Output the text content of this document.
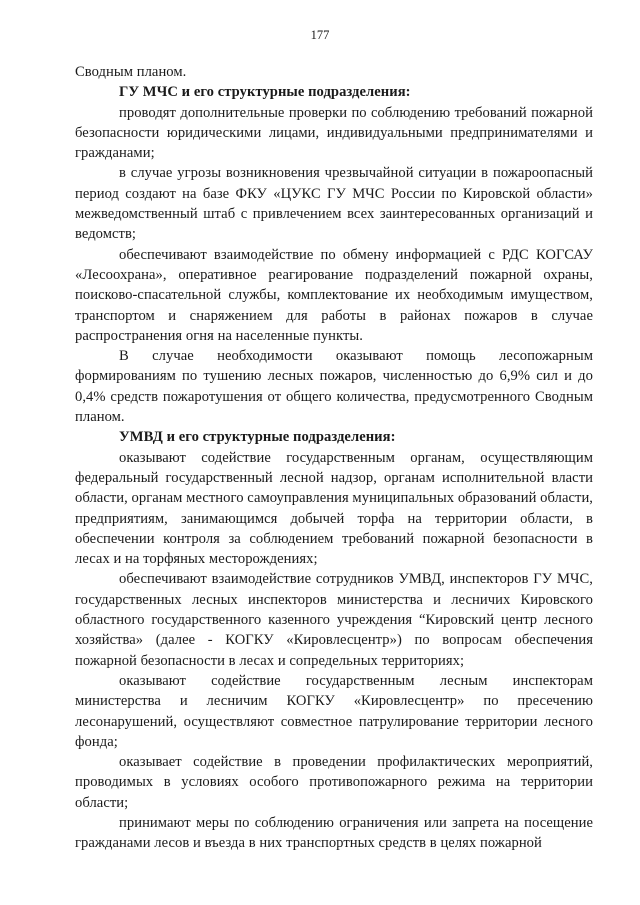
177

Сводным планом.

ГУ МЧС и его структурные подразделения:

проводят дополнительные проверки по соблюдению требований пожарной безопасности юридическими лицами, индивидуальными предпринимателями и гражданами;

в случае угрозы возникновения чрезвычайной ситуации в пожароопасный период создают на базе ФКУ «ЦУКС ГУ МЧС России по Кировской области» межведомственный штаб с привлечением всех заинтересованных организаций и ведомств;

обеспечивают взаимодействие по обмену информацией с РДС КОГСАУ «Лесоохрана», оперативное реагирование подразделений пожарной охраны, поисково-спасательной службы, комплектование их необходимым имуществом, транспортом и снаряжением для работы в районах пожаров в случае распространения огня на населенные пункты.

В случае необходимости оказывают помощь лесопожарным формированиям по тушению лесных пожаров, численностью до 6,9% сил и до 0,4% средств пожаротушения от общего количества, предусмотренного Сводным планом.

УМВД и его структурные подразделения:

оказывают содействие государственным органам, осуществляющим федеральный государственный лесной надзор, органам исполнительной власти области, органам местного самоуправления муниципальных образований области, предприятиям, занимающимся добычей торфа на территории области, в обеспечении контроля за соблюдением требований пожарной безопасности в лесах и на торфяных месторождениях;

обеспечивают взаимодействие сотрудников УМВД, инспекторов ГУ МЧС, государственных лесных инспекторов министерства и лесничих Кировского областного государственного казенного учреждения “Кировский центр лесного хозяйства» (далее - КОГКУ «Кировлесцентр») по вопросам обеспечения пожарной безопасности в лесах и сопредельных территориях;

оказывают содействие государственным лесным инспекторам министерства и лесничим КОГКУ «Кировлесцентр» по пресечению лесонарушений, осуществляют совместное патрулирование территории лесного фонда;

оказывает содействие в проведении профилактических мероприятий, проводимых в условиях особого противопожарного режима на территории области;

принимают меры по соблюдению ограничения или запрета на посещение гражданами лесов и въезда в них транспортных средств в целях пожарной
